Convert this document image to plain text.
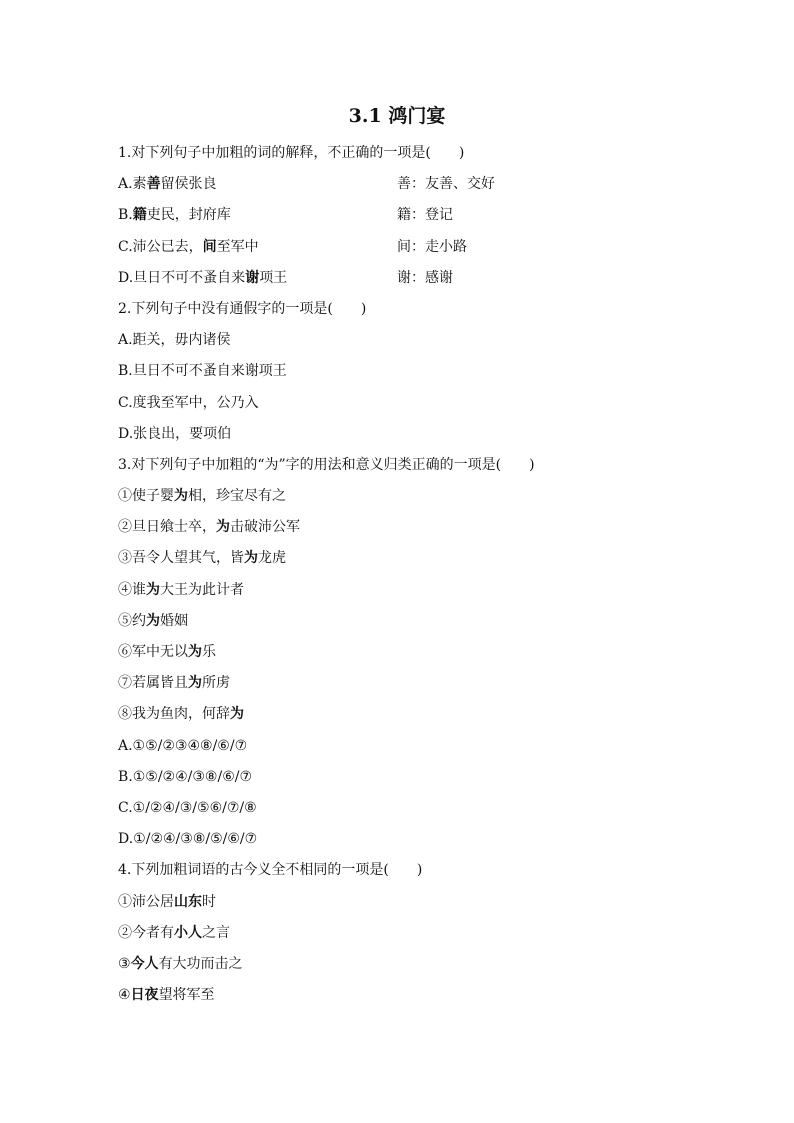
3.1 鸿门宴
1.对下列句子中加粗的词的解释，不正确的一项是(　　)
A.素善留侯张良	善：友善、交好
B.籍吏民，封府库	籍：登记
C.沛公已去，间至军中	间：走小路
D.旦日不可不蚤自来谢项王	谢：感谢
2.下列句子中没有通假字的一项是(　　)
A.距关，毋内诸侯
B.旦日不可不蚤自来谢项王
C.度我至军中，公乃入
D.张良出，要项伯
3.对下列句子中加粗的“为”字的用法和意义归类正确的一项是(　　)
①使子婴为相，珍宝尽有之
②旦日飨士卒，为击破沛公军
③吾令人望其气，皆为龙虎
④谁为大王为此计者
⑤约为婚姻
⑥军中无以为乐
⑦若属皆且为所虏
⑧我为鱼肉，何辞为
A.①⑤/②③④⑧/⑥/⑦
B.①⑤/②④/③⑧/⑥/⑦
C.①/②④/③/⑤⑥/⑦/⑧
D.①/②④/③⑧/⑤/⑥/⑦
4.下列加粗词语的古今义全不相同的一项是(　　)
①沛公居山东时
②今者有小人之言
③今人有大功而击之
④日夜望将军至
